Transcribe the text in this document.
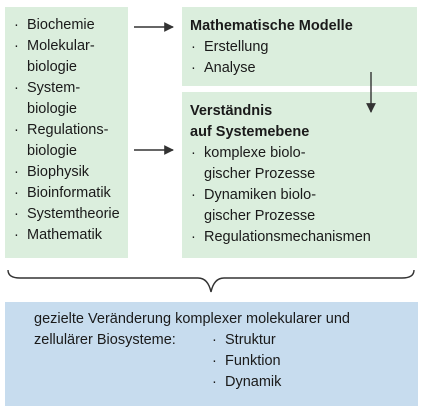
· Biochemie
· Molekular-
biologie
· System-
biologie
· Regulations-
biologie
· Biophysik
· Bioinformatik
· Systemtheorie
· Mathematik
Mathematische Modelle
· Erstellung
· Analyse
Verständnis
auf Systemebene
· komplexe biolo-
gischer Prozesse
· Dynamiken biolo-
gischer Prozesse
· Regulationsmechanismen
gezielte Veränderung komplexer molekularer und
zellulärer Biosysteme:	· Struktur
· Funktion
· Dynamik
